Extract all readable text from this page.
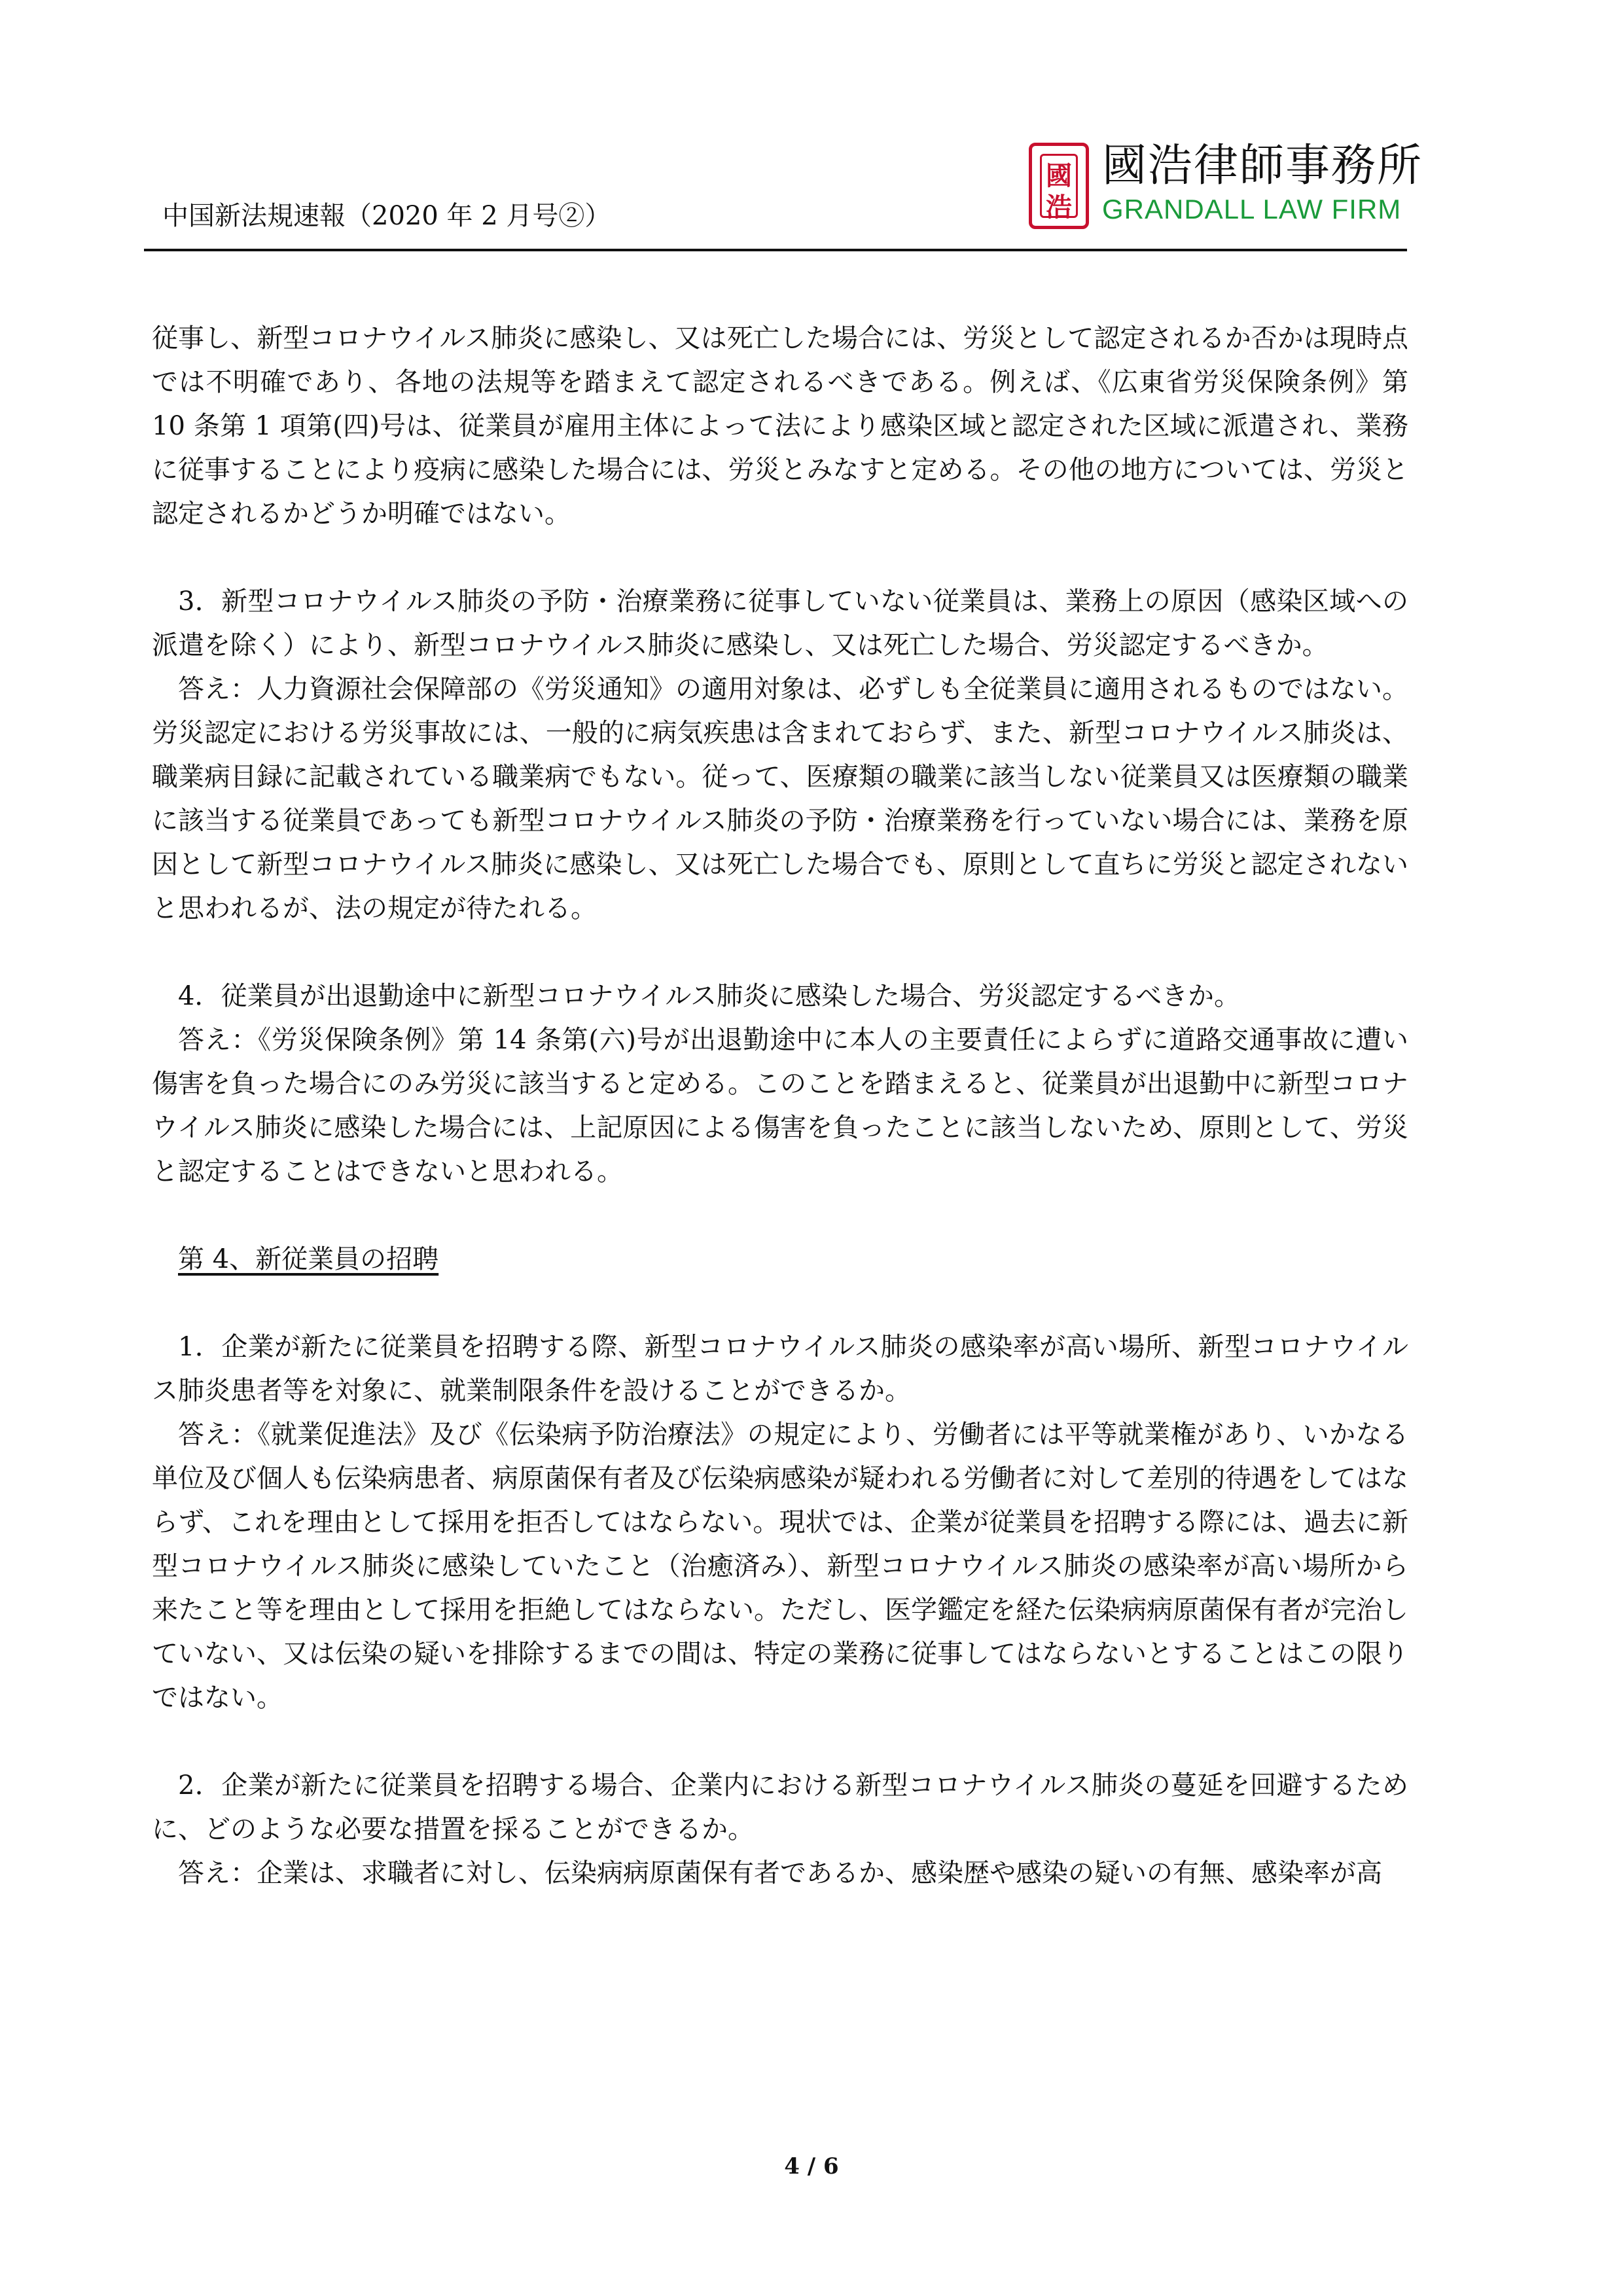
中国新法規速報（2020 年 2 月号②）
國
浩
國浩律師事務所
GRANDALL LAW FIRM

従事し、新型コロナウイルス肺炎に感染し、又は死亡した場合には、労災として認定されるか否かは現時点では不明確であり、各地の法規等を踏まえて認定されるべきである。例えば、《広東省労災保険条例》第 10 条第 1 項第(四)号は、従業員が雇用主体によって法により感染区域と認定された区域に派遣され、業務に従事することにより疫病に感染した場合には、労災とみなすと定める。その他の地方については、労災と認定されるかどうか明確ではない。

3．新型コロナウイルス肺炎の予防・治療業務に従事していない従業員は、業務上の原因（感染区域への派遣を除く）により、新型コロナウイルス肺炎に感染し、又は死亡した場合、労災認定するべきか。

答え：人力資源社会保障部の《労災通知》の適用対象は、必ずしも全従業員に適用されるものではない。労災認定における労災事故には、一般的に病気疾患は含まれておらず、また、新型コロナウイルス肺炎は、職業病目録に記載されている職業病でもない。従って、医療類の職業に該当しない従業員又は医療類の職業に該当する従業員であっても新型コロナウイルス肺炎の予防・治療業務を行っていない場合には、業務を原因として新型コロナウイルス肺炎に感染し、又は死亡した場合でも、原則として直ちに労災と認定されないと思われるが、法の規定が待たれる。

4．従業員が出退勤途中に新型コロナウイルス肺炎に感染した場合、労災認定するべきか。

答え：《労災保険条例》第 14 条第(六)号が出退勤途中に本人の主要責任によらずに道路交通事故に遭い傷害を負った場合にのみ労災に該当すると定める。このことを踏まえると、従業員が出退勤中に新型コロナウイルス肺炎に感染した場合には、上記原因による傷害を負ったことに該当しないため、原則として、労災と認定することはできないと思われる。

第 4、新従業員の招聘

1．企業が新たに従業員を招聘する際、新型コロナウイルス肺炎の感染率が高い場所、新型コロナウイルス肺炎患者等を対象に、就業制限条件を設けることができるか。

答え：《就業促進法》及び《伝染病予防治療法》の規定により、労働者には平等就業権があり、いかなる単位及び個人も伝染病患者、病原菌保有者及び伝染病感染が疑われる労働者に対して差別的待遇をしてはならず、これを理由として採用を拒否してはならない。現状では、企業が従業員を招聘する際には、過去に新型コロナウイルス肺炎に感染していたこと（治癒済み）、新型コロナウイルス肺炎の感染率が高い場所から来たこと等を理由として採用を拒絶してはならない。ただし、医学鑑定を経た伝染病病原菌保有者が完治していない、又は伝染の疑いを排除するまでの間は、特定の業務に従事してはならないとすることはこの限りではない。

2．企業が新たに従業員を招聘する場合、企業内における新型コロナウイルス肺炎の蔓延を回避するために、どのような必要な措置を採ることができるか。

答え：企業は、求職者に対し、伝染病病原菌保有者であるか、感染歴や感染の疑いの有無、感染率が高

4 / 6
